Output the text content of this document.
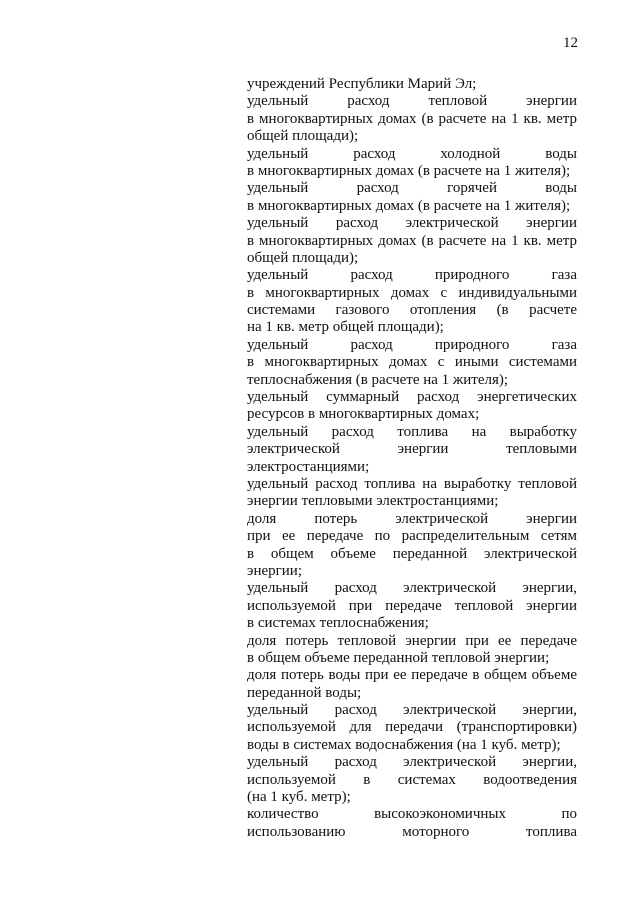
12
учреждений Республики Марий Эл;
удельный расход тепловой энергии
в многоквартирных домах (в расчете на 1 кв. метр
общей площади);
удельный расход холодной воды
в многоквартирных домах (в расчете на 1 жителя);
удельный расход горячей воды
в многоквартирных домах (в расчете на 1 жителя);
удельный расход электрической энергии
в многоквартирных домах (в расчете на 1 кв. метр
общей площади);
удельный расход природного газа
в многоквартирных домах с индивидуальными
системами газового отопления (в расчете
на 1 кв. метр общей площади);
удельный расход природного газа
в многоквартирных домах с иными системами
теплоснабжения (в расчете на 1 жителя);
удельный суммарный расход энергетических
ресурсов в многоквартирных домах;
удельный расход топлива на выработку
электрической энергии тепловыми
электростанциями;
удельный расход топлива на выработку тепловой
энергии тепловыми электростанциями;
доля потерь электрической энергии
при ее передаче по распределительным сетям
в общем объеме переданной электрической
энергии;
удельный расход электрической энергии,
используемой при передаче тепловой энергии
в системах теплоснабжения;
доля потерь тепловой энергии при ее передаче
в общем объеме переданной тепловой энергии;
доля потерь воды при ее передаче в общем объеме
переданной воды;
удельный расход электрической энергии,
используемой для передачи (транспортировки)
воды в системах водоснабжения (на 1 куб. метр);
удельный расход электрической энергии,
используемой в системах водоотведения
(на 1 куб. метр);
количество высокоэкономичных по
использованию моторного топлива
